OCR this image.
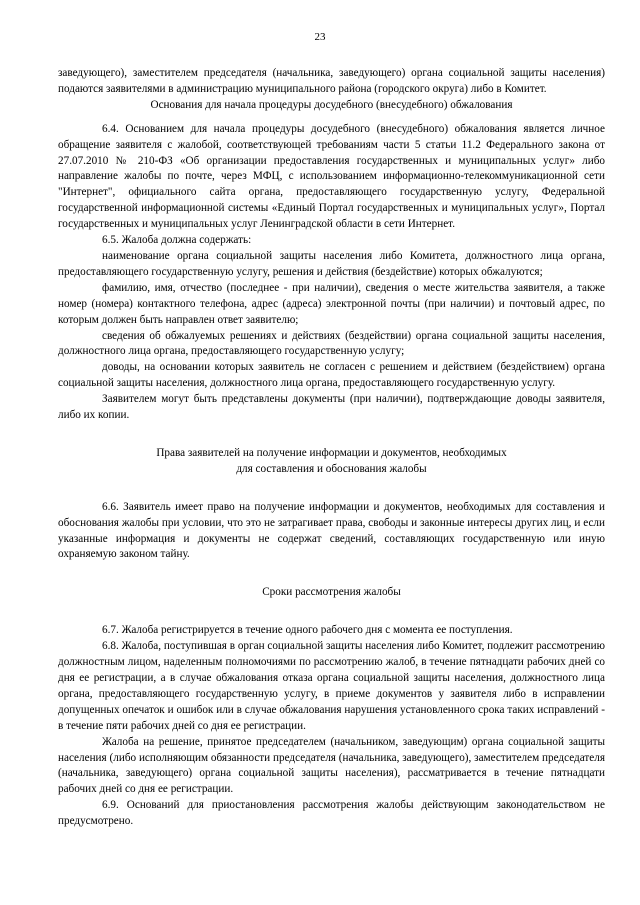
23

заведующего), заместителем председателя (начальника, заведующего) органа социальной защиты населения) подаются заявителями в администрацию муниципального района (городского округа) либо в Комитет.

Основания для начала процедуры досудебного (внесудебного) обжалования

6.4. Основанием для начала процедуры досудебного (внесудебного) обжалования является личное обращение заявителя с жалобой, соответствующей требованиям части 5 статьи 11.2 Федерального закона от 27.07.2010 № 210-ФЗ «Об организации предоставления государственных и муниципальных услуг» либо направление жалобы по почте, через МФЦ, с использованием информационно-телекоммуникационной сети "Интернет", официального сайта органа, предоставляющего государственную услугу, Федеральной государственной информационной системы «Единый Портал государственных и муниципальных услуг», Портал государственных и муниципальных услуг Ленинградской области в сети Интернет.

6.5. Жалоба должна содержать:

наименование органа социальной защиты населения либо Комитета, должностного лица органа, предоставляющего государственную услугу, решения и действия (бездействие) которых обжалуются;

фамилию, имя, отчество (последнее - при наличии), сведения о месте жительства заявителя, а также номер (номера) контактного телефона, адрес (адреса) электронной почты (при наличии) и почтовый адрес, по которым должен быть направлен ответ заявителю;

сведения об обжалуемых решениях и действиях (бездействии) органа социальной защиты населения, должностного лица органа, предоставляющего государственную услугу;

доводы, на основании которых заявитель не согласен с решением и действием (бездействием) органа социальной защиты населения, должностного лица органа, предоставляющего государственную услугу.

Заявителем могут быть представлены документы (при наличии), подтверждающие доводы заявителя, либо их копии.

Права заявителей на получение информации и документов, необходимых

для составления и обоснования жалобы

6.6. Заявитель имеет право на получение информации и документов, необходимых для составления и обоснования жалобы при условии, что это не затрагивает права, свободы и законные интересы других лиц, и если указанные информация и документы не содержат сведений, составляющих государственную или иную охраняемую законом тайну.

Сроки рассмотрения жалобы

6.7. Жалоба регистрируется в течение одного рабочего дня с момента ее поступления.

6.8. Жалоба, поступившая в орган социальной защиты населения либо Комитет, подлежит рассмотрению должностным лицом, наделенным полномочиями по рассмотрению жалоб, в течение пятнадцати рабочих дней со дня ее регистрации, а в случае обжалования отказа органа социальной защиты населения, должностного лица органа, предоставляющего государственную услугу, в приеме документов у заявителя либо в исправлении допущенных опечаток и ошибок или в случае обжалования нарушения установленного срока таких исправлений - в течение пяти рабочих дней со дня ее регистрации.

Жалоба на решение, принятое председателем (начальником, заведующим) органа социальной защиты населения (либо исполняющим обязанности председателя (начальника, заведующего), заместителем председателя (начальника, заведующего) органа социальной защиты населения), рассматривается в течение пятнадцати рабочих дней со дня ее регистрации.

6.9. Оснований для приостановления рассмотрения жалобы действующим законодательством не предусмотрено.
